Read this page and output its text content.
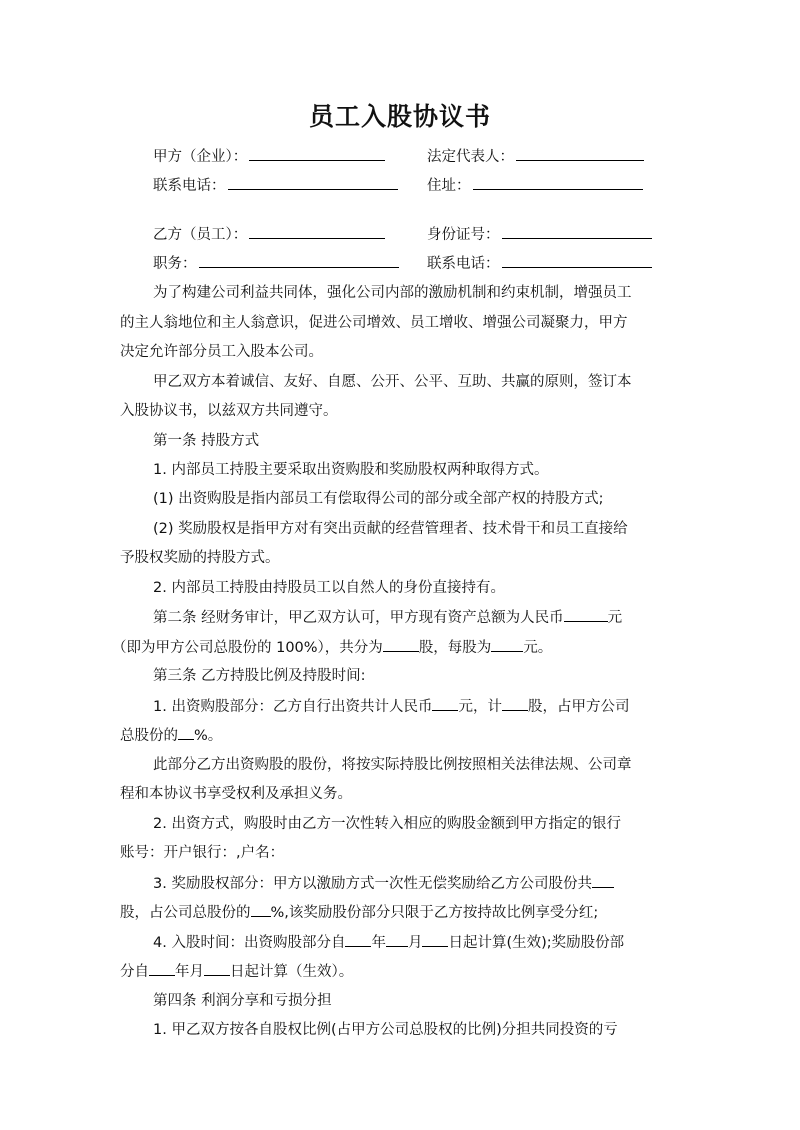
员工入股协议书
甲方（企业）：	法定代表人：
联系电话：	住址：
乙方（员工）：	身份证号：
职务：	联系电话：
为了构建公司利益共同体，强化公司内部的激励机制和约束机制，增强员工
的主人翁地位和主人翁意识，促进公司增效、员工增收、增强公司凝聚力，甲方
决定允许部分员工入股本公司。
甲乙双方本着诚信、友好、自愿、公开、公平、互助、共赢的原则，签订本
入股协议书，以兹双方共同遵守。
第一条 持股方式
1. 内部员工持股主要采取出资购股和奖励股权两种取得方式。
(1) 出资购股是指内部员工有偿取得公司的部分或全部产权的持股方式;
(2) 奖励股权是指甲方对有突出贡献的经营管理者、技术骨干和员工直接给
予股权奖励的持股方式。
2. 内部员工持股由持股员工以自然人的身份直接持有。
第二条 经财务审计，甲乙双方认可，甲方现有资产总额为人民币	元
（即为甲方公司总股份的 100%），共分为 股，每股为 元。
第三条 乙方持股比例及持股时间:
1. 出资购股部分：乙方自行出资共计人民币 元，计 股，占甲方公司
总股份的 %。
此部分乙方出资购股的股份，将按实际持股比例按照相关法律法规、公司章
程和本协议书享受权利及承担义务。
2. 出资方式，购股时由乙方一次性转入相应的购股金额到甲方指定的银行
账号：开户银行：,户名：
3. 奖励股权部分：甲方以激励方式一次性无偿奖励给乙方公司股份共
股，占公司总股份的 %,该奖励股份部分只限于乙方按持故比例享受分红;
4. 入股时间：出资购股部分自 年 月 日起计算(生效);奖励股份部
分自 年月 日起计算（生效）。
第四条 利润分享和亏损分担
1. 甲乙双方按各自股权比例(占甲方公司总股权的比例)分担共同投资的亏
